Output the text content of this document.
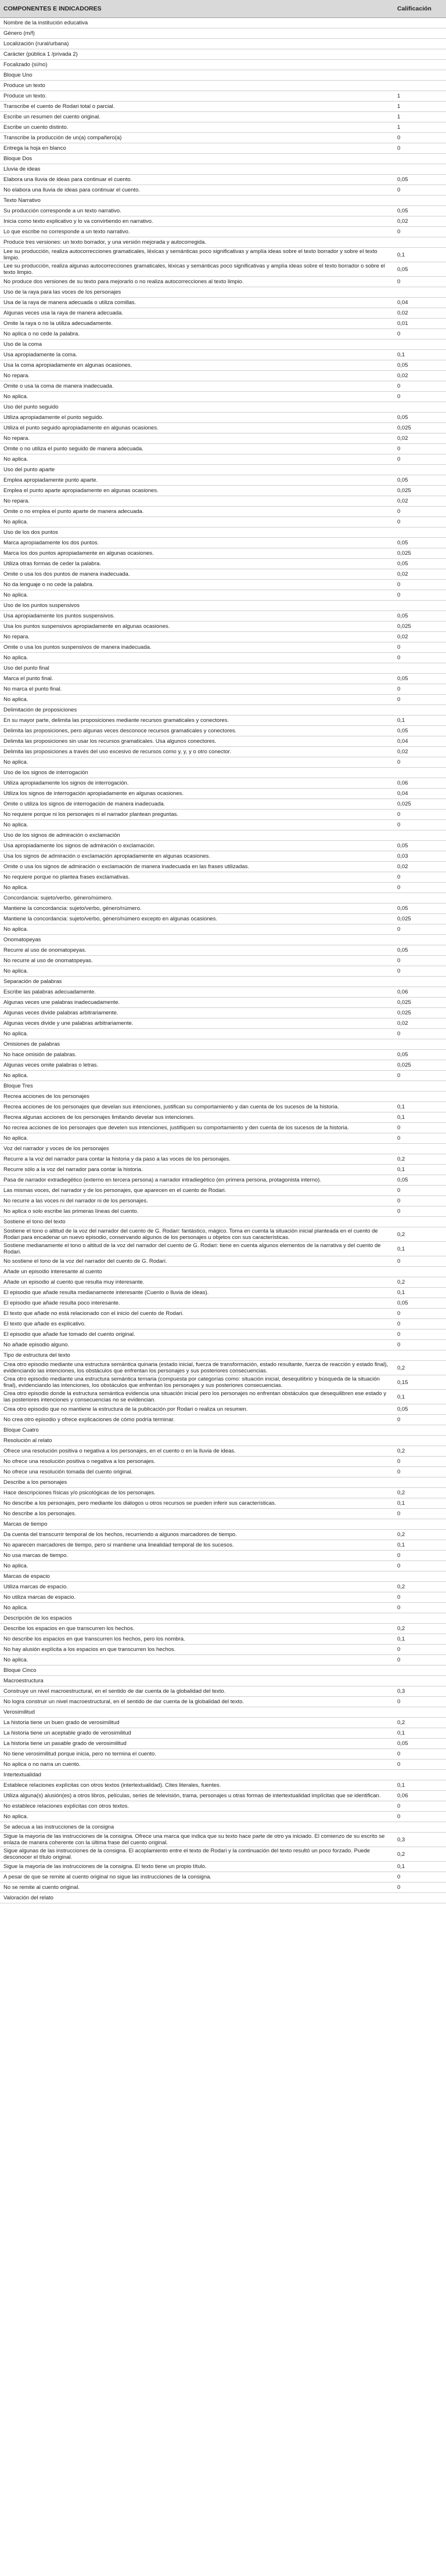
COMPONENTES E INDICADORES	Calificación
Nombre de la institución educativa	
Género (m/f)	
Localización (rural/urbana)	
Carácter (pública 1 /privada 2)	
Focalizado (sí/no)	
Bloque Uno	
Produce un texto	
Produce un texto.	1
Transcribe el cuento de Rodari total o parcial.	1
Escribe un resumen del cuento original.	1
Escribe un cuento distinto.	1
Transcribe la producción de un(a) compañero(a)	0
Entrega la hoja en blanco	0
Bloque Dos	
Lluvia de ideas	
Elabora una lluvia de ideas para continuar el cuento.	0,05
No elabora una lluvia de ideas para continuar el cuento.	0
Texto Narrativo	
Su producción corresponde a un texto narrativo.	0,05
Inicia como texto explicativo y lo va convirtiendo en narrativo.	0,02
Lo que escribe no corresponde a un texto narrativo.	0
Produce tres versiones: un texto borrador, y una versión mejorada y autocorregida.	
Lee su producción, realiza autocorrecciones gramaticales, léxicas y semánticas poco significativas y amplía ideas sobre el texto borrador y sobre el texto limpio.	0,1
Lee su producción, realiza algunas autocorrecciones gramaticales, léxicas y semánticas poco significativas y amplía ideas sobre el texto borrador o sobre el texto limpio.	0,05
No produce dos versiones de su texto para mejorarlo o no realiza autocorrecciones al texto limpio.	0
Uso de la raya para las voces de los personajes	
Usa de la raya de manera adecuada o utiliza comillas.	0,04
Algunas veces usa la raya de manera adecuada.	0,02
Omite la raya o no la utiliza adecuadamente.	0,01
No aplica o no cede la palabra.	0
Uso de la coma	
Usa apropiadamente la coma.	0,1
Usa la coma apropiadamente en algunas ocasiones.	0,05
No repara.	0,02
Omite o usa la coma de manera inadecuada.	0
No aplica.	0
Uso del punto seguido	
Utiliza apropiadamente el punto seguido.	0,05
Utiliza el punto seguido apropiadamente en algunas ocasiones.	0,025
No repara.	0,02
Omite o no utiliza el punto seguido de manera adecuada.	0
No aplica.	0
Uso del punto aparte	
Emplea apropiadamente punto aparte.	0,05
Emplea el punto aparte apropiadamente en algunas ocasiones.	0,025
No repara.	0,02
Omite o no emplea el punto aparte de manera adecuada.	0
No aplica.	0
Uso de los dos puntos	
Marca apropiadamente los dos puntos.	0,05
Marca los dos puntos apropiadamente en algunas ocasiones.	0,025
Utiliza otras formas de ceder la palabra.	0,05
Omite o usa los dos puntos de manera inadecuada.	0,02
No da lenguaje o no cede la palabra.	0
No aplica.	0
Uso de los puntos suspensivos	
Usa apropiadamente los puntos suspensivos.	0,05
Usa los puntos suspensivos apropiadamente en algunas ocasiones.	0,025
No repara.	0,02
Omite o usa los puntos suspensivos de manera inadecuada.	0
No aplica.	0
Uso del punto final	
Marca el punto final.	0,05
No marca el punto final.	0
No aplica.	0
Delimitación de proposiciones	
En su mayor parte, delimita las proposiciones mediante recursos gramaticales y conectores.	0,1
Delimita las proposiciones, pero algunas veces desconoce recursos gramaticales y conectores.	0,05
Delimita las proposiciones sin usar los recursos gramaticales. Usa algunos conectores.	0,04
Delimita las proposiciones a través del uso excesivo de recursos como y, y, y o otro conector.	0,02
No aplica.	0
Uso de los signos de interrogación	
Utiliza apropiadamente los signos de interrogación.	0,06
Utiliza los signos de interrogación apropiadamente en algunas ocasiones.	0,04
Omite o utiliza los signos de interrogación de manera inadecuada.	0,025
No requiere porque ni los personajes ni el narrador plantean preguntas.	0
No aplica.	0
Uso de los signos de admiración o exclamación	
Usa apropiadamente los signos de admiración o exclamación.	0,05
Usa los signos de admiración o exclamación apropiadamente en algunas ocasiones.	0,03
Omite o usa los signos de admiración o exclamación de manera inadecuada en las frases utilizadas.	0,02
No requiere porque no plantea frases exclamativas.	0
No aplica.	0
Concordancia: sujeto/verbo, género/número.	
Mantiene la concordancia: sujeto/verbo, género/número.	0,05
Mantiene la concordancia: sujeto/verbo, género/número excepto en algunas ocasiones.	0,025
No aplica.	0
Onomatopeyas	
Recurre al uso de onomatopeyas.	0,05
No recurre al uso de onomatopeyas.	0
No aplica.	0
Separación de palabras	
Escribe las palabras adecuadamente.	0,06
Algunas veces une palabras inadecuadamente.	0,025
Algunas veces divide palabras arbitrariamente.	0,025
Algunas veces divide y une palabras arbitrariamente.	0,02
No aplica.	0
Omisiones de palabras	
No hace omisión de palabras.	0,05
Algunas veces omite palabras o letras.	0,025
No aplica.	0
Bloque Tres	
Recrea acciones de los personajes	
Recrea acciones de los personajes que develan sus intenciones, justifican su comportamiento y dan cuenta de los sucesos de la historia.	0,1
Recrea algunas acciones de los personajes limitando develar sus intenciones.	0,1
No recrea acciones de los personajes que develen sus intenciones, justifiquen su comportamiento y den cuenta de los sucesos de la historia.	0
No aplica.	0
Voz del narrador y voces de los personajes	
Recurre a la voz del narrador para contar la historia y da paso a las voces de los personajes.	0,2
Recurre sólo a la voz del narrador para contar la historia.	0,1
Pasa de narrador extradiegético (externo en tercera persona) a narrador intradiegético (en primera persona, protagonista interno).	0,05
Las mismas voces, del narrador y de los personajes, que aparecen en el cuento de Rodari.	0
No recurre a las voces ni del narrador ni de los personajes.	0
No aplica o solo escribe las primeras líneas del cuento.	0
Sostiene el tono del texto	
Sostiene el tono o altitud de la voz del narrador del cuento de G. Rodari: fantástico, mágico. Toma en cuenta la situación inicial planteada en el cuento de Rodari para encadenar un nuevo episodio, conservando algunos de los personajes u objetos con sus características.	0,2
Sostiene medianamente el tono o altitud de la voz del narrador del cuento de G. Rodari: tiene en cuenta algunos elementos de la narrativa y del cuento de Rodari.	0,1
No sostiene el tono de la voz del narrador del cuento de G. Rodari.	0
Añade un episodio interesante al cuento	
Añade un episodio al cuento que resulta muy interesante.	0,2
El episodio que añade resulta medianamente interesante (Cuento o lluvia de ideas).	0,1
El episodio que añade resulta poco interesante.	0,05
El texto que añade no está relacionado con el inicio del cuento de Rodari.	0
El texto que añade es explicativo.	0
El episodio que añade fue tomado del cuento original.	0
No añade episodio alguno.	0
Tipo de estructura del texto	
Crea otro episodio mediante una estructura semántica quinaria (estado inicial, fuerza de transformación, estado resultante, fuerza de reacción y estado final), evidenciando las intenciones, los obstáculos que enfrentan los personajes y sus posteriores consecuencias.	0,2
Crea otro episodio mediante una estructura semántica ternaria (compuesta por categorías como: situación inicial, desequilibrio y búsqueda de la situación final), evidenciando las intenciones, los obstáculos que enfrentan los personajes y sus posteriores consecuencias.	0,15
Crea otro episodio donde la estructura semántica evidencia una situación inicial pero los personajes no enfrentan obstáculos que desequilibren ese estado y las posteriores intenciones y consecuencias no se evidencian.	0,1
Crea otro episodio que no mantiene la estructura de la publicación por Rodari o realiza un resumen.	0,05
No crea otro episodio y ofrece explicaciones de cómo podría terminar.	0
Bloque Cuatro	
Resolución al relato	
Ofrece una resolución positiva o negativa a los personajes, en el cuento o en la lluvia de ideas.	0,2
No ofrece una resolución positiva o negativa a los personajes.	0
No ofrece una resolución tomada del cuento original.	0
Describe a los personajes	
Hace descripciones físicas y/o psicológicas de los personajes.	0,2
No describe a los personajes, pero mediante los diálogos u otros recursos se pueden inferir sus características.	0,1
No describe a los personajes.	0
Marcas de tiempo	
Da cuenta del transcurrir temporal de los hechos, recurriendo a algunos marcadores de tiempo.	0,2
No aparecen marcadores de tiempo, pero sí mantiene una linealidad temporal de los sucesos.	0,1
No usa marcas de tiempo.	0
No aplica.	0
Marcas de espacio	
Utiliza marcas de espacio.	0,2
No utiliza marcas de espacio.	0
No aplica.	0
Descripción de los espacios	
Describe los espacios en que transcurren los hechos.	0,2
No describe los espacios en que transcurren los hechos, pero los nombra.	0,1
No hay alusión explícita a los espacios en que transcurren los hechos.	0
No aplica.	0
Bloque Cinco	
Macroestructura	
Construye un nivel macroestructural, en el sentido de dar cuenta de la globalidad del texto.	0,3
No logra construir un nivel macroestructural, en el sentido de dar cuenta de la globalidad del texto.	0
Verosimilitud	
La historia tiene un buen grado de verosimilitud	0,2
La historia tiene un aceptable grado de verosimilitud	0,1
La historia tiene un pasable grado de verosimilitud	0,05
No tiene verosimilitud porque inicia, pero no termina el cuento.	0
No aplica o no narra un cuento.	0
Intertextualidad	
Establece relaciones explícitas con otros textos (intertextualidad). Cites literales, fuentes.	0,1
Utiliza alguna(s) alusión(es) a otros libros, películas, series de televisión, trama, personajes u otras formas de intertextualidad implícitas que se identifican.	0,06
No establece relaciones explícitas con otros textos.	0
No aplica.	0
Se adecua a las instrucciones de la consigna	
Sigue la mayoría de las instrucciones de la consigna. Ofrece una marca que indica que su texto hace parte de otro ya iniciado. El comienzo de su escrito se enlaza de manera coherente con la última frase del cuento original.	0,3
Sigue algunas de las instrucciones de la consigna. El acoplamiento entre el texto de Rodari y la continuación del texto resultó un poco forzado. Puede desconocer el título original.	0,2
Sigue la mayoría de las instrucciones de la consigna. El texto tiene un propio título.	0,1
A pesar de que se remite al cuento original no sigue las instrucciones de la consigna.	0
No se remite al cuento original.	0
Valoración del relato	
